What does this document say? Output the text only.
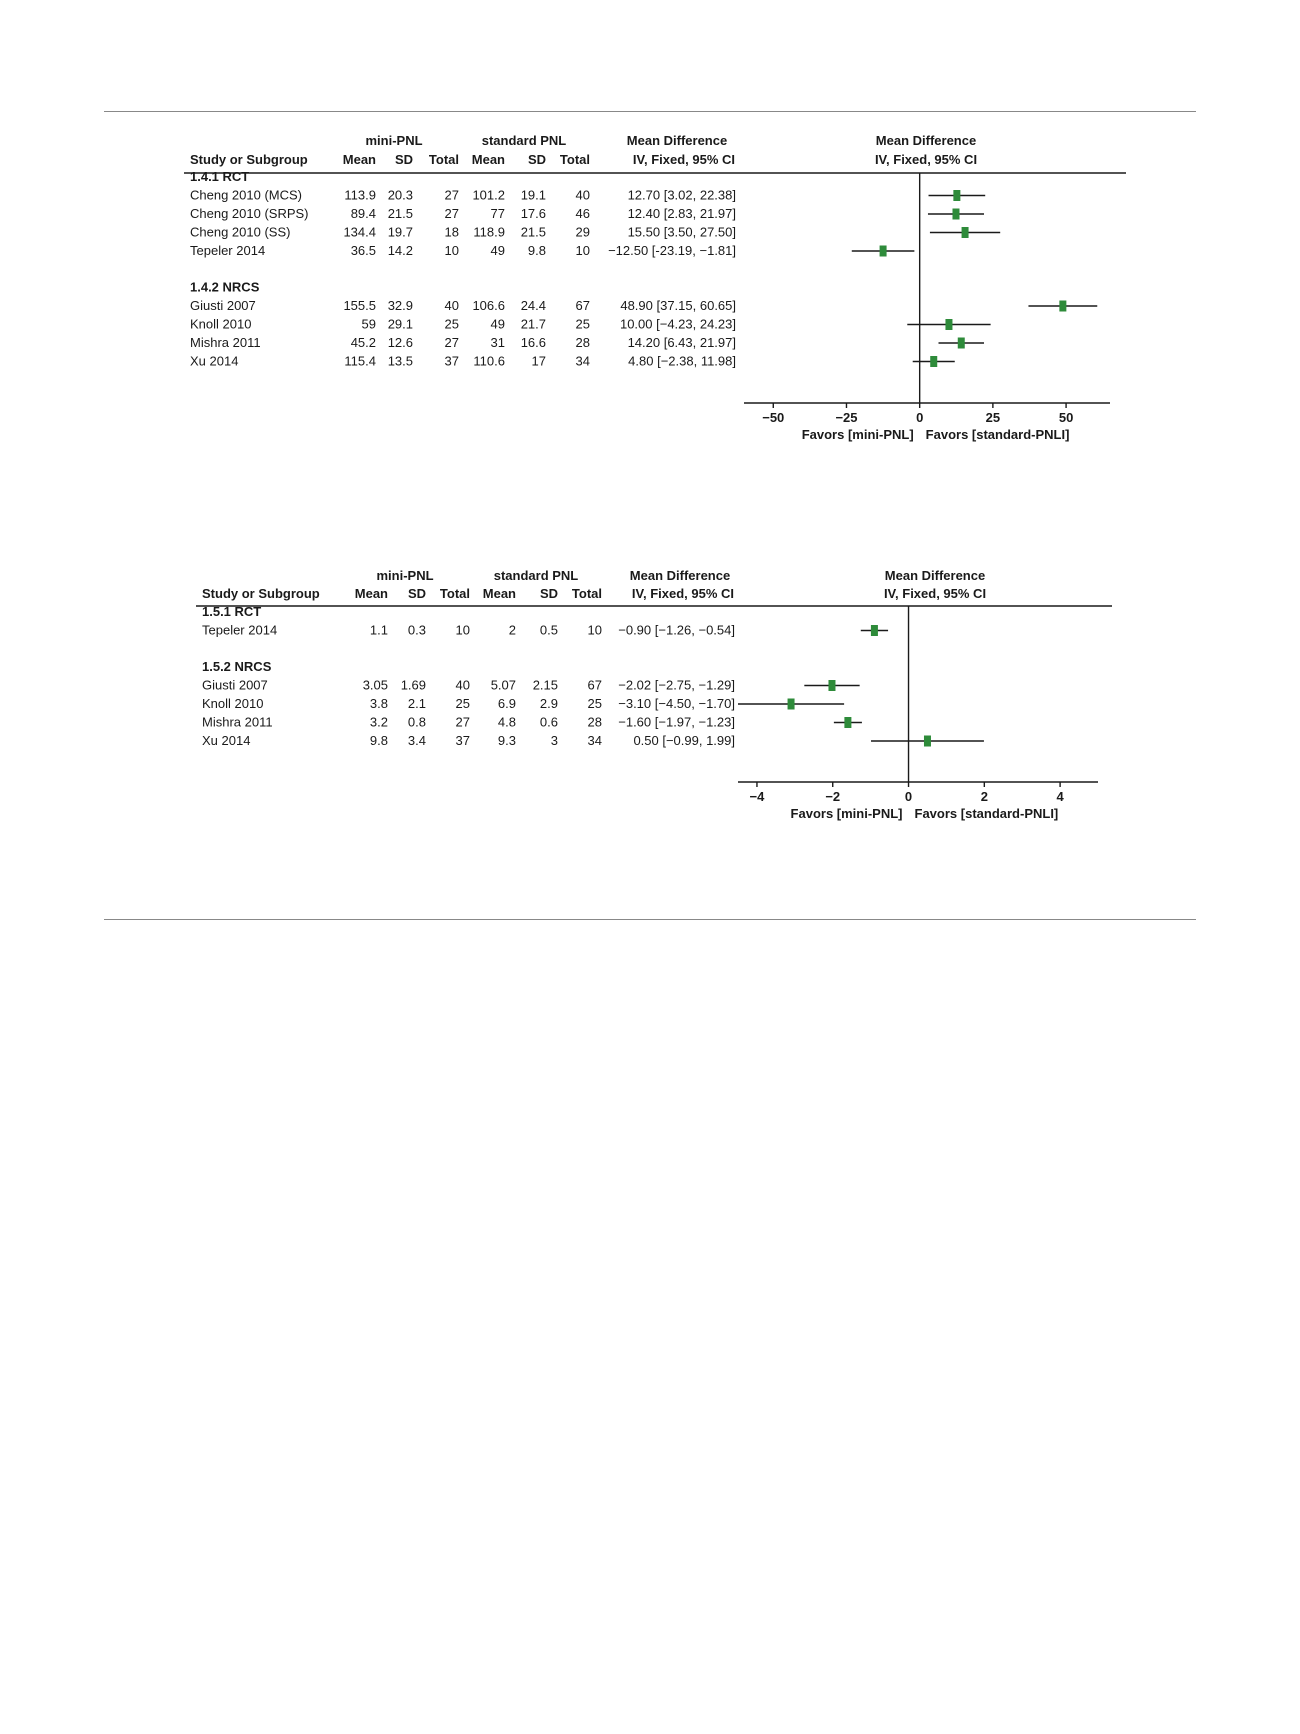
mini-PNL	standard PNL	Mean Difference	Mean Difference
Study or Subgroup	Mean SD Total Mean SD Total	IV, Fixed, 95% CI	IV, Fixed, 95% CI
1.4.1 RCT
Cheng 2010 (MCS)	113.9 20.3 27 101.2 19.1 40	12.70 [3.02, 22.38]
Cheng 2010 (SRPS)	89.4 21.5 27 77 17.6 46	12.40 [2.83, 21.97]
Cheng 2010 (SS)	134.4 19.7 18 118.9 21.5 29	15.50 [3.50, 27.50]
Tepeler 2014	36.5 14.2 10 49 9.8 10 −12.50 [-23.19, −1.81]
1.4.2 NRCS
Giusti 2007	155.5 32.9 40 106.6 24.4 67 48.90 [37.15, 60.65]
Knoll 2010	59 29.1 25 49 21.7 25 10.00 [−4.23, 24.23]
Mishra 2011	45.2 12.6 27 31 16.6 28	14.20 [6.43, 21.97]
Xu 2014	115.4 13.5 37 110.6 17 34	4.80 [−2.38, 11.98]
−50	−25	0	25	50
Favors [mini-PNL] Favors [standard-PNLI]
mini-PNL	standard PNL	Mean Difference	Mean Difference
Study or Subgroup	Mean SD Total Mean SD Total IV, Fixed, 95% CI	IV, Fixed, 95% CI
1.5.1 RCT
Tepeler 2014	1.1 0.3 10	2 0.5 10 −0.90 [−1.26, −0.54]
1.5.2 NRCS
Giusti 2007	3.05 1.69 40 5.07 2.15 67 −2.02 [−2.75, −1.29]
Knoll 2010	3.8 2.1 25 6.9 2.9 25 −3.10 [−4.50, −1.70]
Mishra 2011	3.2 0.8 27 4.8 0.6 28 −1.60 [−1.97, −1.23]
Xu 2014	9.8 3.4 37 9.3	3 34 0.50 [−0.99, 1.99]
−4	−2	0	2	4
Favors [mini-PNL] Favors [standard-PNLI]
